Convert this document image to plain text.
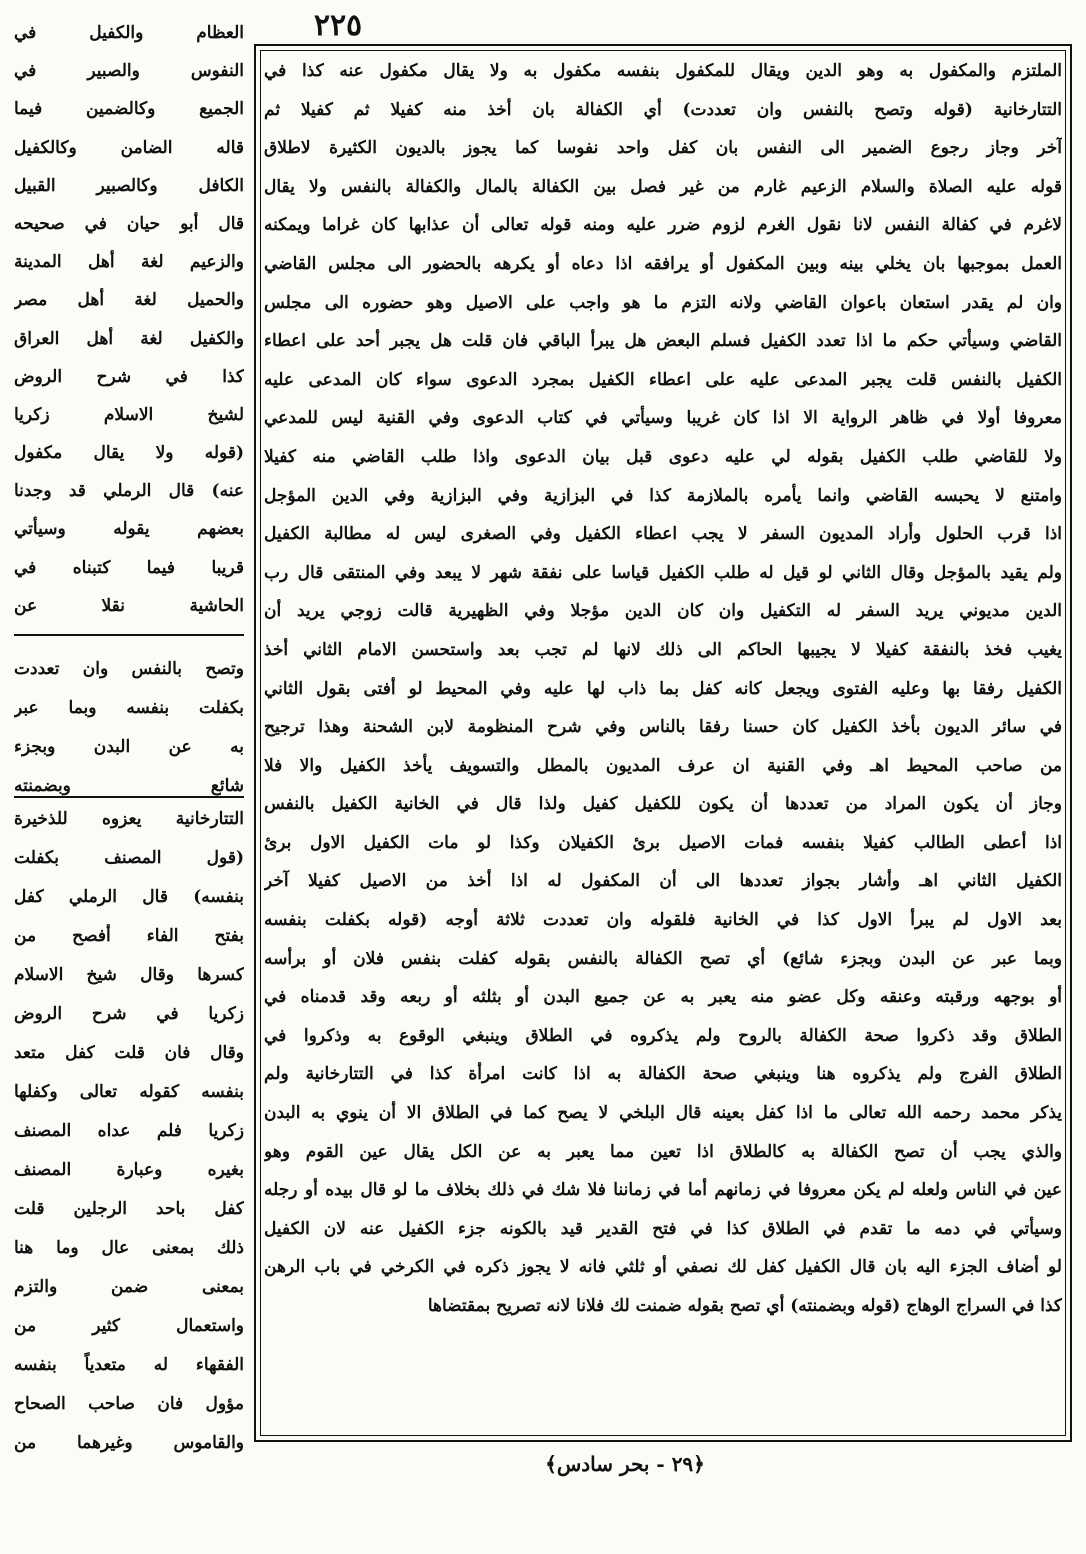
٢٢٥
الملتزم والمكفول به وهو الدين ويقال للمكفول بنفسه مكفول به ولا يقال مكفول عنه كذا في
التتارخانية (قوله وتصح بالنفس وان تعددت) أي الكفالة بان أخذ منه كفيلا ثم كفيلا ثم
آخر وجاز رجوع الضمير الى النفس بان كفل واحد نفوسا كما يجوز بالديون الكثيرة لاطلاق
قوله عليه الصلاة والسلام الزعيم غارم من غير فصل بين الكفالة بالمال والكفالة بالنفس ولا يقال
لاغرم في كفالة النفس لانا نقول الغرم لزوم ضرر عليه ومنه قوله تعالى أن عذابها كان غراما ويمكنه
العمل بموجبها بان يخلي بينه وبين المكفول أو يرافقه اذا دعاه أو يكرهه بالحضور الى مجلس القاضي
وان لم يقدر استعان باعوان القاضي ولانه التزم ما هو واجب على الاصيل وهو حضوره الى مجلس
القاضي وسيأتي حكم ما اذا تعدد الكفيل فسلم البعض هل يبرأ الباقي فان قلت هل يجبر أحد على اعطاء
الكفيل بالنفس قلت يجبر المدعى عليه على اعطاء الكفيل بمجرد الدعوى سواء كان المدعى عليه
معروفا أولا في ظاهر الرواية الا اذا كان غريبا وسيأتي في كتاب الدعوى وفي القنية ليس للمدعي
ولا للقاضي طلب الكفيل بقوله لي عليه دعوى قبل بيان الدعوى واذا طلب القاضي منه كفيلا
وامتنع لا يحبسه القاضي وانما يأمره بالملازمة كذا في البزازية وفي البزازية وفي الدين المؤجل
اذا قرب الحلول وأراد المديون السفر لا يجب اعطاء الكفيل وفي الصغرى ليس له مطالبة الكفيل
ولم يقيد بالمؤجل وقال الثاني لو قيل له طلب الكفيل قياسا على نفقة شهر لا يبعد وفي المنتقى قال رب
الدين مديوني يريد السفر له التكفيل وان كان الدين مؤجلا وفي الظهيرية قالت زوجي يريد أن
يغيب فخذ بالنفقة كفيلا لا يجيبها الحاكم الى ذلك لانها لم تجب بعد واستحسن الامام الثاني أخذ
الكفيل رفقا بها وعليه الفتوى ويجعل كانه كفل بما ذاب لها عليه وفي المحيط لو أفتى بقول الثاني
في سائر الديون بأخذ الكفيل كان حسنا رفقا بالناس وفي شرح المنظومة لابن الشحنة وهذا ترجيح
من صاحب المحيط اهـ وفي القنية ان عرف المديون بالمطل والتسويف يأخذ الكفيل والا فلا
وجاز أن يكون المراد من تعددها أن يكون للكفيل كفيل ولذا قال في الخانية الكفيل بالنفس
اذا أعطى الطالب كفيلا بنفسه فمات الاصيل برئ الكفيلان وكذا لو مات الكفيل الاول برئ
الكفيل الثاني اهـ وأشار بجواز تعددها الى أن المكفول له اذا أخذ من الاصيل كفيلا آخر
بعد الاول لم يبرأ الاول كذا في الخانية فلقوله وان تعددت ثلاثة أوجه (قوله بكفلت بنفسه
وبما عبر عن البدن وبجزء شائع) أي تصح الكفالة بالنفس بقوله كفلت بنفس فلان أو برأسه
أو بوجهه ورقبته وعنقه وكل عضو منه يعبر به عن جميع البدن أو بثلثه أو ربعه وقد قدمناه في
الطلاق وقد ذكروا صحة الكفالة بالروح ولم يذكروه في الطلاق وينبغي الوقوع به وذكروا في
الطلاق الفرج ولم يذكروه هنا وينبغي صحة الكفالة به اذا كانت امرأة كذا في التتارخانية ولم
يذكر محمد رحمه الله تعالى ما اذا كفل بعينه قال البلخي لا يصح كما في الطلاق الا أن ينوي به البدن
والذي يجب أن تصح الكفالة به كالطلاق اذا تعين مما يعبر به عن الكل يقال عين القوم وهو
عين في الناس ولعله لم يكن معروفا في زمانهم أما في زماننا فلا شك في ذلك بخلاف ما لو قال بيده أو رجله
وسيأتي في دمه ما تقدم في الطلاق كذا في فتح القدير قيد بالكونه جزء الكفيل عنه لان الكفيل
لو أضاف الجزء اليه بان قال الكفيل كفل لك نصفي أو ثلثي فانه لا يجوز ذكره في الكرخي في باب الرهن
كذا في السراج الوهاج (قوله وبضمنته) أي تصح بقوله ضمنت لك فلانا لانه تصريح بمقتضاها
العظام والكفيل في
النفوس والصبير في
الجميع وكالضمين فيما
قاله الضامن وكالكفيل
الكافل وكالصبير القبيل
قال أبو حيان في صحيحه
والزعيم لغة أهل المدينة
والحميل لغة أهل مصر
والكفيل لغة أهل العراق
كذا في شرح الروض
لشيخ الاسلام زكريا
(قوله ولا يقال مكفول
عنه) قال الرملي قد وجدنا
بعضهم يقوله وسيأتي
قريبا فيما كتبناه في
الحاشية نقلا عن
وتصح بالنفس وان تعددت
بكفلت بنفسه وبما عبر
به عن البدن وبجزء
شائع وبضمنته
التتارخانية يعزوه للذخيرة
(قول المصنف بكفلت
بنفسه) قال الرملي كفل
بفتح الفاء أفصح من
كسرها وقال شيخ الاسلام
زكريا في شرح الروض
وقال فان قلت كفل متعد
بنفسه كقوله تعالى وكفلها
زكريا فلم عداه المصنف
بغيره وعبارة المصنف
كفل باحد الرجلين قلت
ذلك بمعنى عال وما هنا
بمعنى ضمن والتزم
واستعمال كثير من
الفقهاء له متعدياً بنفسه
مؤول فان صاحب الصحاح
والقاموس وغيرهما من
﴿٢٩ - بحر سادس﴾
